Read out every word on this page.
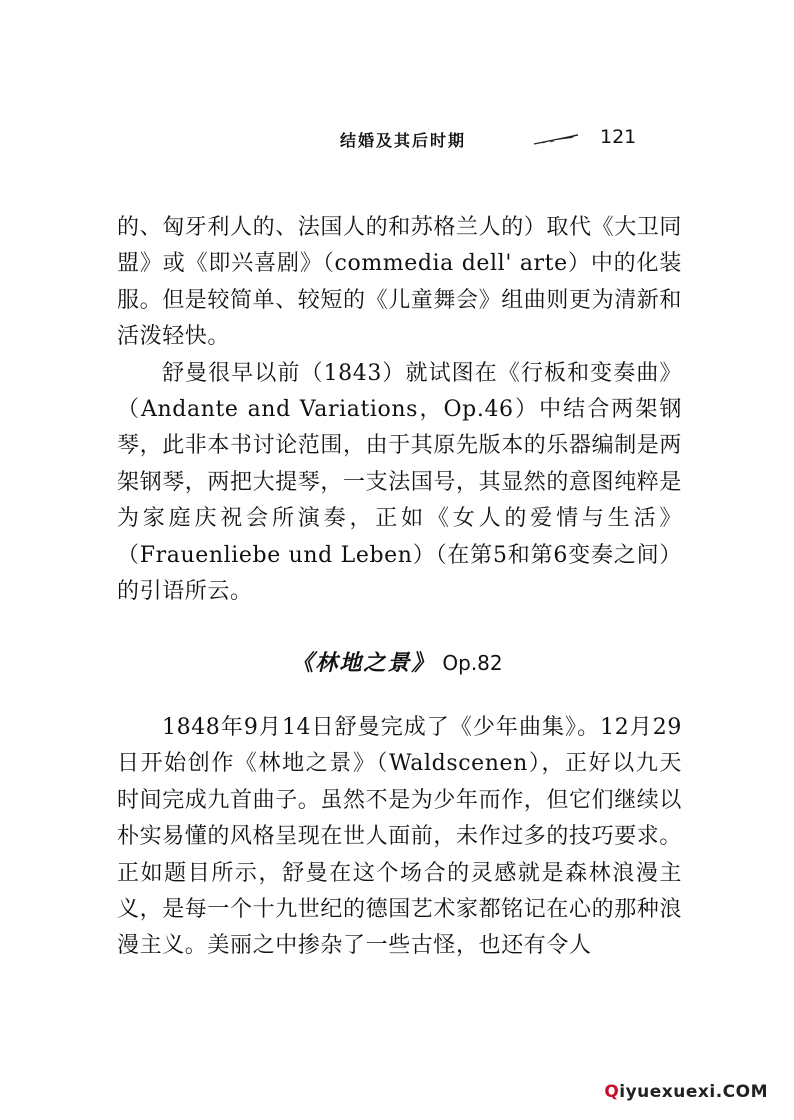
结婚及其后时期	121

的、匈牙利人的、法国人的和苏格兰人的）取代《大卫同盟》或《即兴喜剧》（commedia dell' arte）中的化装服。但是较简单、较短的《儿童舞会》组曲则更为清新和活泼轻快。

舒曼很早以前（1843）就试图在《行板和变奏曲》（Andante and Variations，Op.46）中结合两架钢琴，此非本书讨论范围，由于其原先版本的乐器编制是两架钢琴，两把大提琴，一支法国号，其显然的意图纯粹是为家庭庆祝会所演奏，正如《女人的爱情与生活》（Frauenliebe und Leben）（在第5和第6变奏之间）的引语所云。

《林地之景》 Op.82

1848年9月14日舒曼完成了《少年曲集》。12月29日开始创作《林地之景》（Waldscenen），正好以九天时间完成九首曲子。虽然不是为少年而作，但它们继续以朴实易懂的风格呈现在世人面前，未作过多的技巧要求。正如题目所示，舒曼在这个场合的灵感就是森林浪漫主义，是每一个十九世纪的德国艺术家都铭记在心的那种浪漫主义。美丽之中掺杂了一些古怪，也还有令人

Qiyuexuexi.COM
